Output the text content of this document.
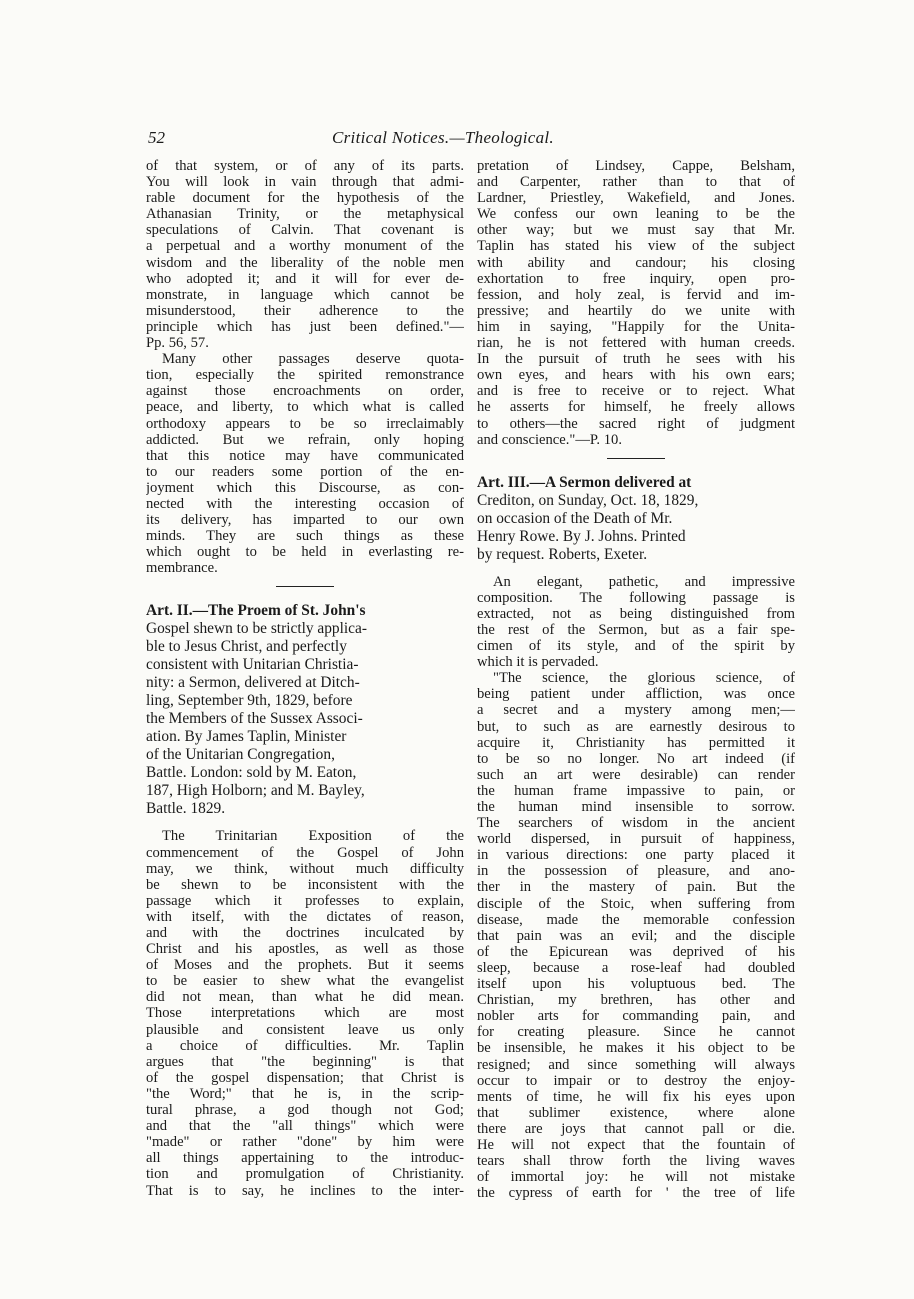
52	Critical Notices.—Theological.
of that system, or of any of its parts.
You will look in vain through that admi-
rable document for the hypothesis of the
Athanasian Trinity, or the metaphysical
speculations of Calvin. That covenant is
a perpetual and a worthy monument of the
wisdom and the liberality of the noble men
who adopted it; and it will for ever de-
monstrate, in language which cannot be
misunderstood, their adherence to the
principle which has just been defined."—
Pp. 56, 57.
Many other passages deserve quota-
tion, especially the spirited remonstrance
against those encroachments on order,
peace, and liberty, to which what is called
orthodoxy appears to be so irreclaimably
addicted. But we refrain, only hoping
that this notice may have communicated
to our readers some portion of the en-
joyment which this Discourse, as con-
nected with the interesting occasion of
its delivery, has imparted to our own
minds. They are such things as these
which ought to be held in everlasting re-
membrance.
Art. II.—The Proem of St. John's
Gospel shewn to be strictly applica-
ble to Jesus Christ, and perfectly
consistent with Unitarian Christia-
nity: a Sermon, delivered at Ditch-
ling, September 9th, 1829, before
the Members of the Sussex Associ-
ation. By James Taplin, Minister
of the Unitarian Congregation,
Battle. London: sold by M. Eaton,
187, High Holborn; and M. Bayley,
Battle. 1829.
The Trinitarian Exposition of the
commencement of the Gospel of John
may, we think, without much difficulty
be shewn to be inconsistent with the
passage which it professes to explain,
with itself, with the dictates of reason,
and with the doctrines inculcated by
Christ and his apostles, as well as those
of Moses and the prophets. But it seems
to be easier to shew what the evangelist
did not mean, than what he did mean.
Those interpretations which are most
plausible and consistent leave us only
a choice of difficulties. Mr. Taplin
argues that "the beginning" is that
of the gospel dispensation; that Christ is
"the Word;" that he is, in the scrip-
tural phrase, a god though not God;
and that the "all things" which were
"made" or rather "done" by him were
all things appertaining to the introduc-
tion and promulgation of Christianity.
That is to say, he inclines to the inter-
pretation of Lindsey, Cappe, Belsham,
and Carpenter, rather than to that of
Lardner, Priestley, Wakefield, and Jones.
We confess our own leaning to be the
other way; but we must say that Mr.
Taplin has stated his view of the subject
with ability and candour; his closing
exhortation to free inquiry, open pro-
fession, and holy zeal, is fervid and im-
pressive; and heartily do we unite with
him in saying, "Happily for the Unita-
rian, he is not fettered with human creeds.
In the pursuit of truth he sees with his
own eyes, and hears with his own ears;
and is free to receive or to reject. What
he asserts for himself, he freely allows
to others—the sacred right of judgment
and conscience."—P. 10.
Art. III.—A Sermon delivered at
Crediton, on Sunday, Oct. 18, 1829,
on occasion of the Death of Mr.
Henry Rowe. By J. Johns. Printed
by request. Roberts, Exeter.
An elegant, pathetic, and impressive
composition. The following passage is
extracted, not as being distinguished from
the rest of the Sermon, but as a fair spe-
cimen of its style, and of the spirit by
which it is pervaded.
"The science, the glorious science, of
being patient under affliction, was once
a secret and a mystery among men;—
but, to such as are earnestly desirous to
acquire it, Christianity has permitted it
to be so no longer. No art indeed (if
such an art were desirable) can render
the human frame impassive to pain, or
the human mind insensible to sorrow.
The searchers of wisdom in the ancient
world dispersed, in pursuit of happiness,
in various directions: one party placed it
in the possession of pleasure, and ano-
ther in the mastery of pain. But the
disciple of the Stoic, when suffering from
disease, made the memorable confession
that pain was an evil; and the disciple
of the Epicurean was deprived of his
sleep, because a rose-leaf had doubled
itself upon his voluptuous bed. The
Christian, my brethren, has other and
nobler arts for commanding pain, and
for creating pleasure. Since he cannot
be insensible, he makes it his object to be
resigned; and since something will always
occur to impair or to destroy the enjoy-
ments of time, he will fix his eyes upon
that sublimer existence, where alone
there are joys that cannot pall or die.
He will not expect that the fountain of
tears shall throw forth the living waves
of immortal joy: he will not mistake
the cypress of earth for ' the tree of life
